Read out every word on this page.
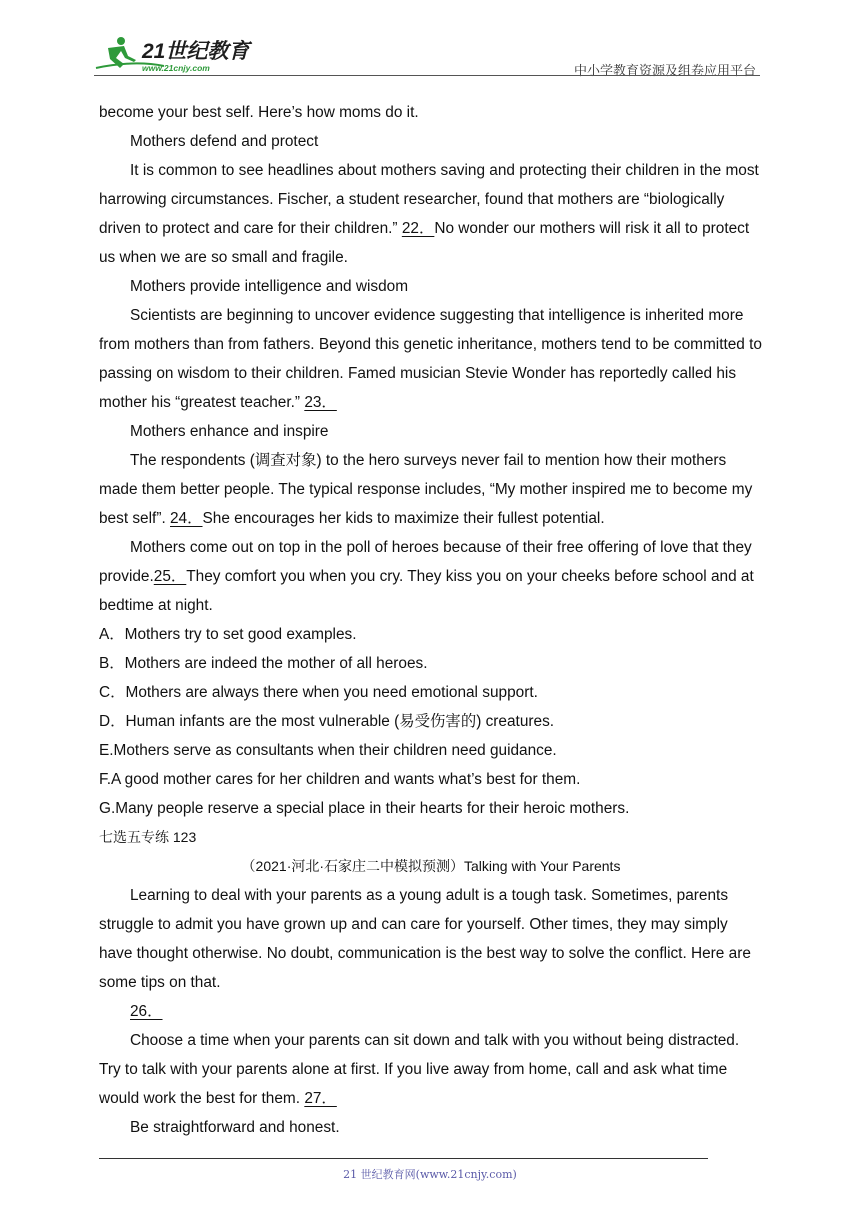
21世纪教育
www.21cnjy.com	中小学教育资源及组卷应用平台

become your best self. Here’s how moms do it.

Mothers defend and protect

It is common to see headlines about mothers saving and protecting their children in the most harrowing circumstances. Fischer, a student researcher, found that mothers are “biologically driven to protect and care for their children.” 22．No wonder our mothers will risk it all to protect us when we are so small and fragile.

Mothers provide intelligence and wisdom

Scientists are beginning to uncover evidence suggesting that intelligence is inherited more from mothers than from fathers. Beyond this genetic inheritance, mothers tend to be committed to passing on wisdom to their children. Famed musician Stevie Wonder has reportedly called his mother his “greatest teacher.” 23．

Mothers enhance and inspire

The respondents (调查对象) to the hero surveys never fail to mention how their mothers made them better people. The typical response includes, “My mother inspired me to become my best self”. 24．She encourages her kids to maximize their fullest potential.

Mothers come out on top in the poll of heroes because of their free offering of love that they provide.25．They comfort you when you cry. They kiss you on your cheeks before school and at bedtime at night.

A．Mothers try to set good examples.

B．Mothers are indeed the mother of all heroes.

C．Mothers are always there when you need emotional support.

D．Human infants are the most vulnerable (易受伤害的) creatures.

E.Mothers serve as consultants when their children need guidance.

F.A good mother cares for her children and wants what’s best for them.

G.Many people reserve a special place in their hearts for their heroic mothers.

七选五专练 123

（2021·河北·石家庄二中模拟预测）Talking with Your Parents

Learning to deal with your parents as a young adult is a tough task. Sometimes, parents struggle to admit you have grown up and can care for yourself. Other times, they may simply have thought otherwise. No doubt, communication is the best way to solve the conflict. Here are some tips on that.

26．

Choose a time when your parents can sit down and talk with you without being distracted. Try to talk with your parents alone at first. If you live away from home, call and ask what time would work the best for them. 27．

Be straightforward and honest.

21 世纪教育网(www.21cnjy.com)
